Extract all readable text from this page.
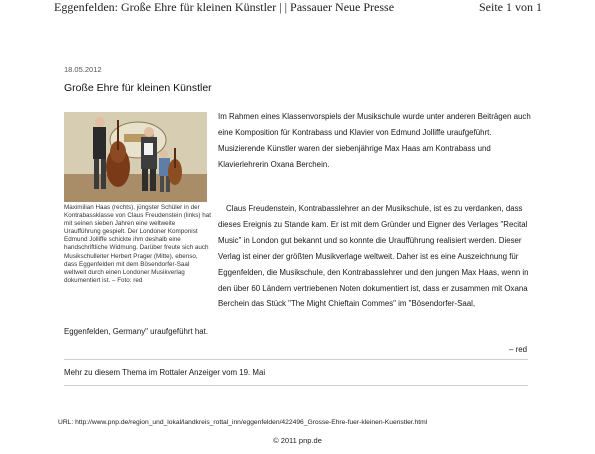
Eggenfelden: Große Ehre für kleinen Künstler | | Passauer Neue Presse	Seite 1 von 1
18.05.2012
Große Ehre für kleinen Künstler
Maximilian Haas (rechts), jüngster Schüler in der Kontrabassklasse von Claus Freudenstein (links) hat mit seinen sieben Jahren eine weltweite Uraufführung gespielt. Der Londoner Komponist Edmund Jolliffe schickte ihm deshalb eine handschriftliche Widmung. Darüber freute sich auch Musikschulleiter Herbert Prager (Mitte), ebenso, dass Eggenfelden mit dem Bösendorfer-Saal weltweit durch einen Londoner Musikverlag dokumentiert ist. – Foto: red
Im Rahmen eines Klassenvorspiels der Musikschule wurde unter anderen Beiträgen auch eine Komposition für Kontrabass und Klavier von Edmund Jolliffe uraufgeführt. Musizierende Künstler waren der siebenjährige Max Haas am Kontrabass und Klavierlehrerin Oxana Berchein.
Claus Freudenstein, Kontrabasslehrer an der Musikschule, ist es zu verdanken, dass dieses Ereignis zu Stande kam. Er ist mit dem Gründer und Eigner des Verlages "Recital Music" in London gut bekannt und so konnte die Uraufführung realisiert werden. Dieser Verlag ist einer der größten Musikverlage weltweit. Daher ist es eine Auszeichnung für Eggenfelden, die Musikschule, den Kontrabasslehrer und den jungen Max Haas, wenn in den über 60 Ländern vertriebenen Noten dokumentiert ist, dass er zusammen mit Oxana Berchein das Stück "The Might Chieftain Commes" im "Bösendorfer-Saal,
Eggenfelden, Germany" uraufgeführt hat.
– red
Mehr zu diesem Thema im Rottaler Anzeiger vom 19. Mai
URL: http://www.pnp.de/region_und_lokal/landkreis_rottal_inn/eggenfelden/422496_Grosse-Ehre-fuer-kleinen-Kuenstler.html
© 2011 pnp.de
